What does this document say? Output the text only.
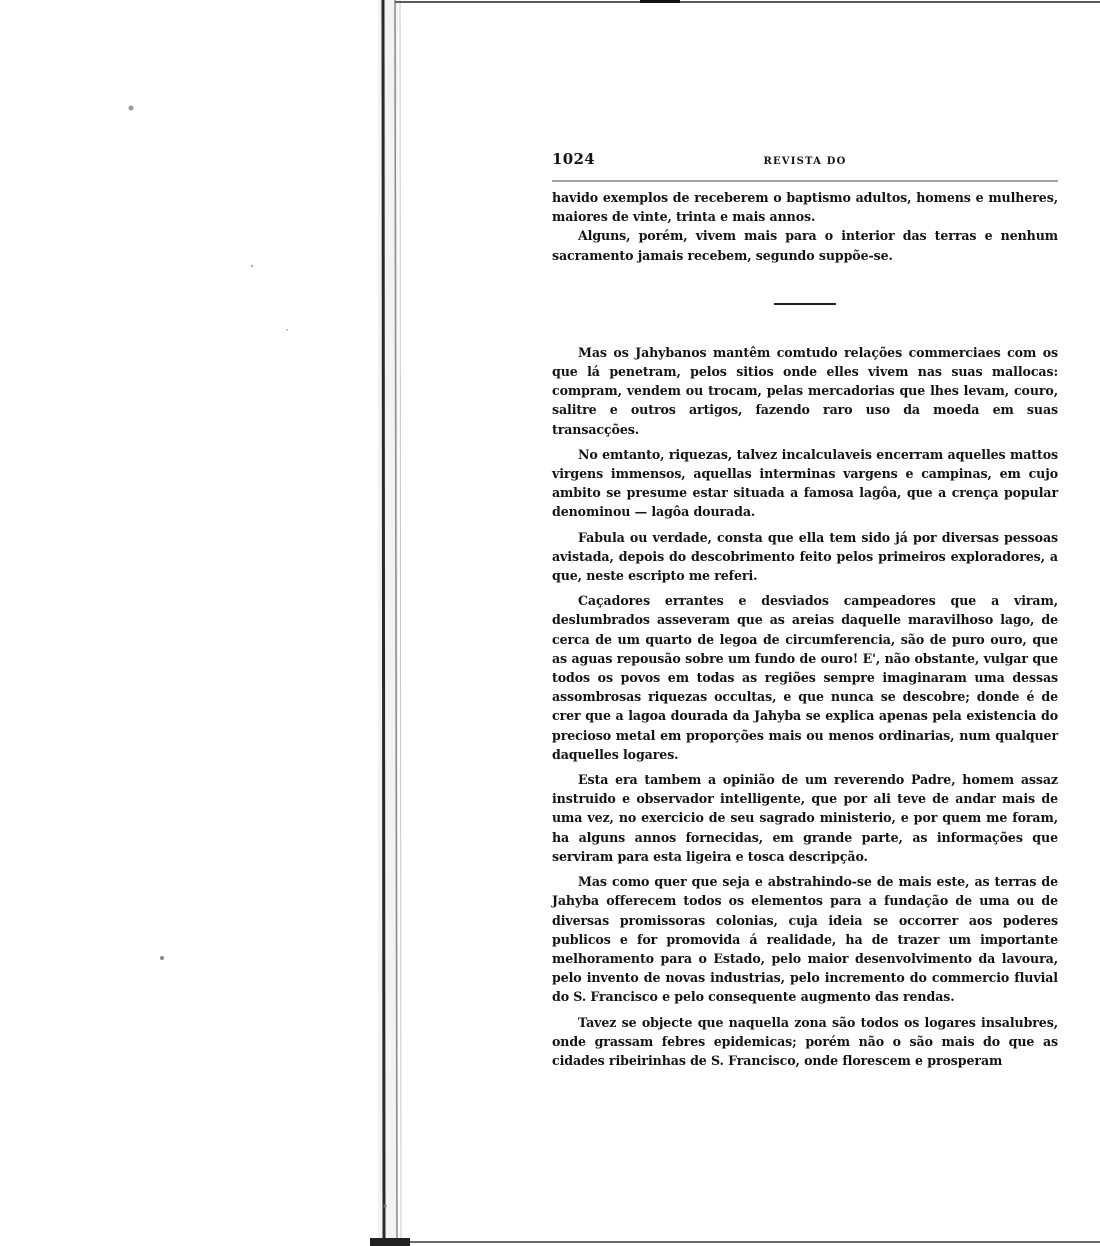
1024	REVISTA DO

havido exemplos de receberem o baptismo adultos, homens e mulheres, maiores de vinte, trinta e mais annos.

Alguns, porém, vivem mais para o interior das terras e nenhum sacramento jamais recebem, segundo suppõe-se.

Mas os Jahybanos mantêm comtudo relações commerciaes com os que lá penetram, pelos sitios onde elles vivem nas suas mallocas: compram, vendem ou trocam, pelas mercadorias que lhes levam, couro, salitre e outros artigos, fazendo raro uso da moeda em suas transacções.

No emtanto, riquezas, talvez incalculaveis encerram aquelles mattos virgens immensos, aquellas interminas vargens e campinas, em cujo ambito se presume estar situada a famosa lagôa, que a crença popular denominou — lagôa dourada.

Fabula ou verdade, consta que ella tem sido já por diversas pessoas avistada, depois do descobrimento feito pelos primeiros exploradores, a que, neste escripto me referi.

Caçadores errantes e desviados campeadores que a viram, deslumbrados asseveram que as areias daquelle maravilhoso lago, de cerca de um quarto de legoa de circumferencia, são de puro ouro, que as aguas repousão sobre um fundo de ouro! E', não obstante, vulgar que todos os povos em todas as regiões sempre imaginaram uma dessas assombrosas riquezas occultas, e que nunca se descobre; donde é de crer que a lagoa dourada da Jahyba se explica apenas pela existencia do precioso metal em proporções mais ou menos ordinarias, num qualquer daquelles logares.

Esta era tambem a opinião de um reverendo Padre, homem assaz instruido e observador intelligente, que por ali teve de andar mais de uma vez, no exercicio de seu sagrado ministerio, e por quem me foram, ha alguns annos fornecidas, em grande parte, as informações que serviram para esta ligeira e tosca descripção.

Mas como quer que seja e abstrahindo-se de mais este, as terras de Jahyba offerecem todos os elementos para a fundação de uma ou de diversas promissoras colonias, cuja ideia se occorrer aos poderes publicos e for promovida á realidade, ha de trazer um importante melhoramento para o Estado, pelo maior desenvolvimento da lavoura, pelo invento de novas industrias, pelo incremento do commercio fluvial do S. Francisco e pelo consequente augmento das rendas.

Tavez se objecte que naquella zona são todos os logares insalubres, onde grassam febres epidemicas; porém não o são mais do que as cidades ribeirinhas de S. Francisco, onde florescem e prosperam
